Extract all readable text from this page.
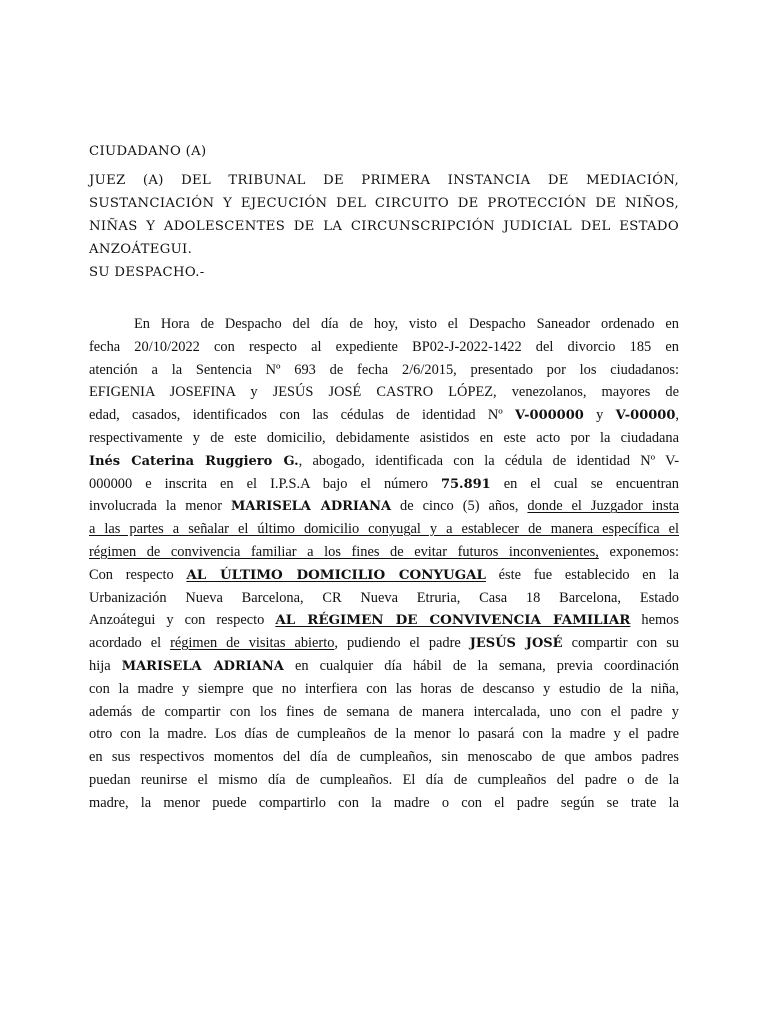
CIUDADANO (A)
JUEZ (A) DEL TRIBUNAL DE PRIMERA INSTANCIA DE MEDIACIÓN,
SUSTANCIACIÓN Y EJECUCIÓN DEL CIRCUITO DE PROTECCIÓN DE NIÑOS,
NIÑAS Y ADOLESCENTES DE LA CIRCUNSCRIPCIÓN JUDICIAL DEL ESTADO
ANZOÁTEGUI.
SU DESPACHO.-
En Hora de Despacho del día de hoy, visto el Despacho Saneador ordenado en
fecha 20/10/2022 con respecto al expediente BP02-J-2022-1422 del divorcio 185 en
atención a la Sentencia Nº 693 de fecha 2/6/2015, presentado por los ciudadanos:
EFIGENIA JOSEFINA y JESÚS JOSÉ CASTRO LÓPEZ, venezolanos, mayores de
edad, casados, identificados con las cédulas de identidad Nº V-000000 y V-00000,
respectivamente y de este domicilio, debidamente asistidos en este acto por la ciudadana
Inés Caterina Ruggiero G., abogado, identificada con la cédula de identidad Nº V-
000000 e inscrita en el I.P.S.A bajo el número 75.891 en el cual se encuentran
involucrada la menor MARISELA ADRIANA de cinco (5) años, donde el Juzgador insta
a las partes a señalar el último domicilio conyugal y a establecer de manera específica el
régimen de convivencia familiar a los fines de evitar futuros inconvenientes, exponemos:
Con respecto AL ÚLTIMO DOMICILIO CONYUGAL éste fue establecido en la
Urbanización Nueva Barcelona, CR Nueva Etruria, Casa 18 Barcelona, Estado
Anzoátegui y con respecto AL RÉGIMEN DE CONVIVENCIA FAMILIAR hemos
acordado el régimen de visitas abierto, pudiendo el padre JESÚS JOSÉ compartir con su
hija MARISELA ADRIANA en cualquier día hábil de la semana, previa coordinación
con la madre y siempre que no interfiera con las horas de descanso y estudio de la niña,
además de compartir con los fines de semana de manera intercalada, uno con el padre y
otro con la madre. Los días de cumpleaños de la menor lo pasará con la madre y el padre
en sus respectivos momentos del día de cumpleaños, sin menoscabo de que ambos padres
puedan reunirse el mismo día de cumpleaños. El día de cumpleaños del padre o de la
madre, la menor puede compartirlo con la madre o con el padre según se trate la
